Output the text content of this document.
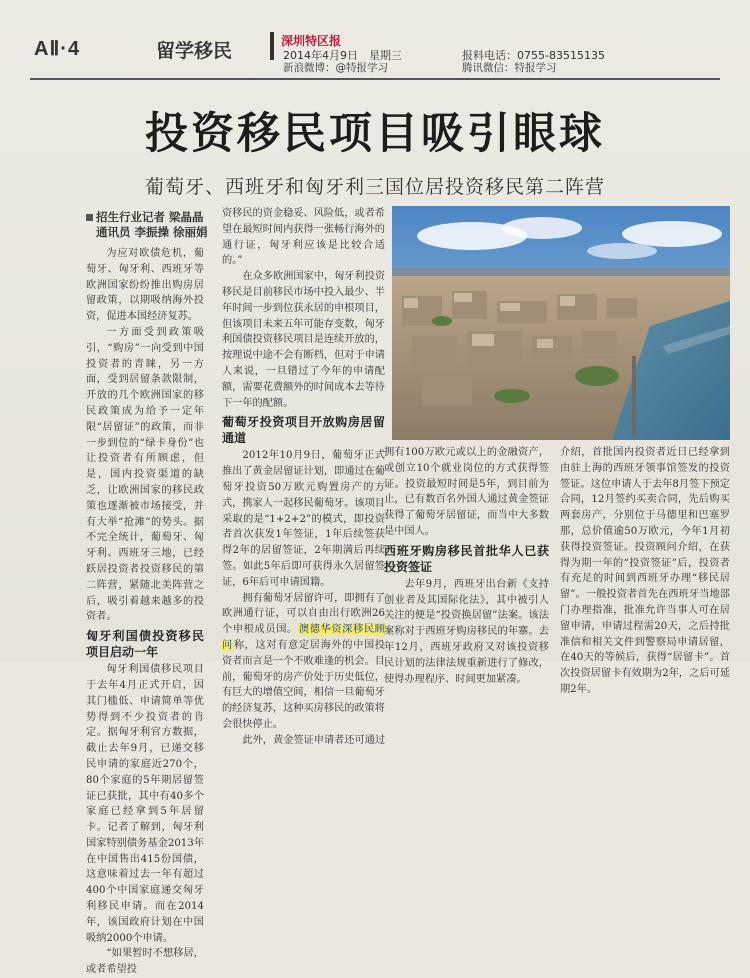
AⅡ·4	留学移民	深圳特区报
2014年4月9日　星期三
新浪微博：@特报学习
报料电话：0755-83515135
腾讯微信：特报学习
投资移民项目吸引眼球
葡萄牙、西班牙和匈牙利三国位居投资移民第二阵营
招生行业记者 梁晶晶
通讯员 李振操 徐丽娟

为应对欧债危机，葡萄牙、匈牙利、西班牙等欧洲国家纷纷推出购房居留政策，以期吸纳海外投资，促进本国经济复苏。

一方面受到政策吸引，“购房”一向受到中国投资者的青睐，另一方面，受到居留条款限制，开放的几个欧洲国家的移民政策成为给予一定年限“居留证”的政策，而非一步到位的“绿卡身份”也让投资者有所顾虑，但是，国内投资渠道的缺乏，让欧洲国家的移民政策也逐渐被市场接受，并有大举“抢滩”的势头。据不完全统计，葡萄牙、匈牙利、西班牙三地，已经跃居投资者投资移民的第二阵营，紧随北美阵营之后，吸引着越来越多的投资者。

匈牙利国债投资移民项目启动一年

匈牙利国债移民项目于去年4月正式开启，因其门槛低、申请简单等优势得到不少投资者的肯定。据匈牙利官方数据，截止去年9月，已递交移民申请的家庭近270个，80个家庭的5年期居留签证已获批，其中有40多个家庭已经拿到5年居留卡。记者了解到，匈牙利国家特别债务基金2013年在中国售出415份国债，这意味着过去一年有超过400个中国家庭递交匈牙利移民申请。而在2014年，该国政府计划在中国吸纳2000个申请。

“如果暂时不想移居，或者希望投

资移民的资金稳妥、风险低，或者希望在最短时间内获得一张畅行海外的通行证，匈牙利应该是比较合适的。”

在众多欧洲国家中，匈牙利投资移民是目前移民市场中投入最少、半年时间一步到位获永居的申根项目，但该项目未来五年可能存变数，匈牙利国债投资移民项目是连续开放的，按理说中途不会有断档，但对于申请人来说，一旦错过了今年的申请配额，需要花费额外的时间成本去等待下一年的配额。

葡萄牙投资项目开放购房居留通道

2012年10月9日，葡萄牙正式推出了黄金居留证计划，即通过在葡萄牙投资50万欧元购置房产的方式，携家人一起移民葡萄牙。该项目采取的是“1+2+2”的模式，即投资者首次获发1年签证，1年后续签获得2年的居留签证，2年期满后再续签。如此5年后即可获得永久居留签证，6年后可申请国籍。

拥有葡萄牙居留许可，即拥有了欧洲通行证，可以自由出行欧洲26个申根成员国。澳德华资深移民顾问称，这对有意定居海外的中国投资者而言是一个不败难逢的机会。目前，葡萄牙的房产价处于历史低位，有巨大的增值空间，相信一旦葡萄牙的经济复苏，这种买房移民的政策将会很快停止。

此外，黄金签证申请者还可通过

拥有100万欧元或以上的金融资产，或创立10个就业岗位的方式获得签证。投资最短时间是5年，到目前为止，已有数百名外国人通过黄金签证获得了葡萄牙居留证，而当中大多数是中国人。

西班牙购房移民首批华人已获投资签证

去年9月，西班牙出台新《支持创业者及其国际化法》，其中被引人关注的便是“投资换居留”法案。该法案称对于西班牙购房移民的年寨。去年12月，西班牙政府又对该投资移民计划的法律法规重新进行了修改，使得办理程序、时间更加紧凑。

介绍，首批国内投资者近日已经拿到由驻上海的西班牙领事馆签发的投资签证。这位申请人于去年8月签下预定合同，12月签约买卖合同，先后购买两套房产，分别位于马德里和巴塞罗那，总价值逾50万欧元，今年1月初获得投资签证。投资顾问介绍，在获得为期一年的“投资签证”后，投资者有充足的时间到西班牙办理“移民居留”。一般投资者首先在西班牙当地部门办理指准，批准允许当事人可在居留申请，申请过程需20天，之后持批准信和相关文件到警察局申请居留，在40天的等候后，获得“居留卡”。首次投资居留卡有效期为2年，之后可延期2年。
